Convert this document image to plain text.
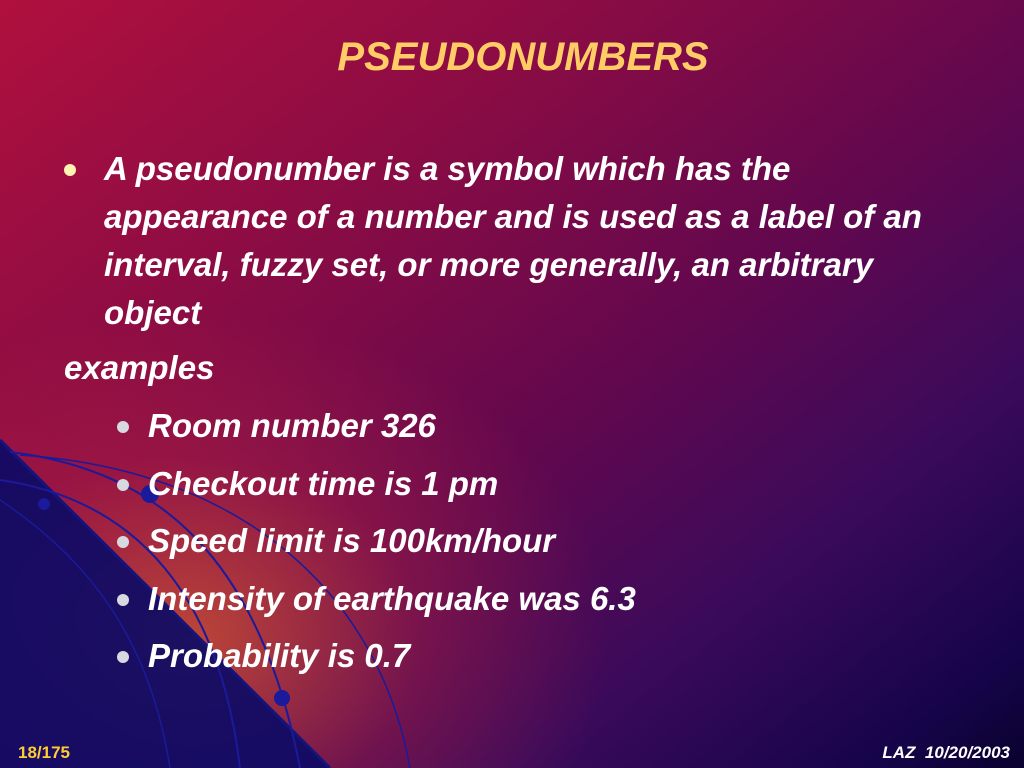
PSEUDONUMBERS
A pseudonumber is a symbol which has the appearance of a number and is used as a label of an interval, fuzzy set, or more generally, an arbitrary object
examples
Room number 326
Checkout time is 1 pm
Speed limit is 100km/hour
Intensity of earthquake was 6.3
Probability is 0.7
18/175	LAZ  10/20/2003
